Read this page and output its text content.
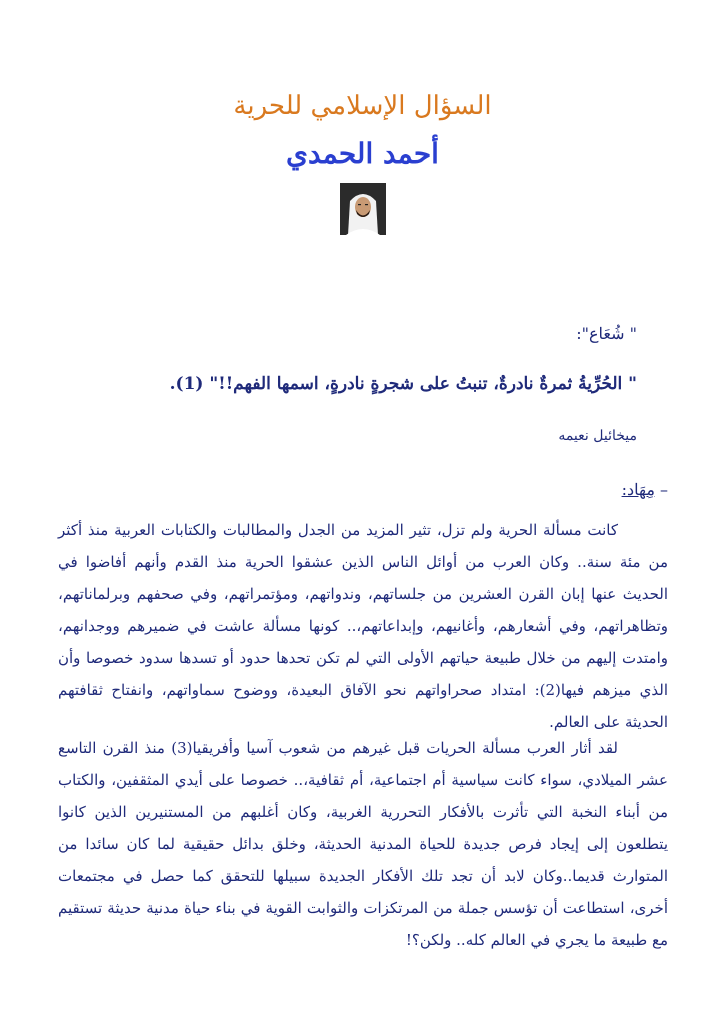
السؤال الإسلامي للحرية
أحمد الحمدي
" شُعَاع":
" الحُرِّيةُ ثمرةٌ نادرةٌ، تنبتُ على شجرةٍ نادرةٍ، اسمها الفهم!!" (1).
ميخائيل نعيمه
– مِهَاد:

كانت مسألة الحرية ولم تزل، تثير المزيد من الجدل والمطالبات والكتابات العربية منذ أكثر من مئة سنة.. وكان العرب من أوائل الناس الذين عشقوا الحرية منذ القدم وأنهم أفاضوا في الحديث عنها إبان القرن العشرين من جلساتهم، وندواتهم، ومؤتمراتهم، وفي صحفهم وبرلماناتهم، وتظاهراتهم، وفي أشعارهم، وأغانيهم، وإبداعاتهم،.. كونها مسألة عاشت في ضميرهم ووجدانهم، وامتدت إليهم من خلال طبيعة حياتهم الأولى التي لم تكن تحدها حدود أو تسدها سدود خصوصا وأن الذي ميزهم فيها(2): امتداد صحراواتهم نحو الآفاق البعيدة، ووضوح سماواتهم، وانفتاح ثقافتهم الحديثة على العالم.

لقد أثار العرب مسألة الحريات قبل غيرهم من شعوب آسيا وأفريقيا(3) منذ القرن التاسع عشر الميلادي، سواء كانت سياسية أم اجتماعية، أم ثقافية،.. خصوصا على أيدي المثقفين، والكتاب من أبناء النخبة التي تأثرت بالأفكار التحررية الغربية، وكان أغلبهم من المستنيرين الذين كانوا يتطلعون إلى إيجاد فرص جديدة للحياة المدنية الحديثة، وخلق بدائل حقيقية لما كان سائدا من المتوارث قديما..وكان لابد أن تجد تلك الأفكار الجديدة سبيلها للتحقق كما حصل في مجتمعات أخرى، استطاعت أن تؤسس جملة من المرتكزات والثوابت القوية في بناء حياة مدنية حديثة تستقيم مع طبيعة ما يجري في العالم كله.. ولكن؟!
